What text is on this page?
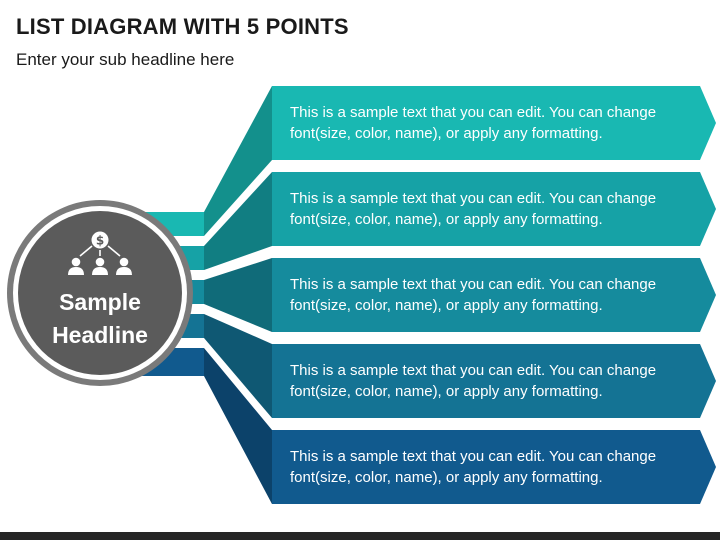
LIST DIAGRAM WITH 5 POINTS

Enter your sub headline here

$
Sample
Headline
This is a sample text that you can edit. You can change font(size, color, name), or apply any formatting.
This is a sample text that you can edit. You can change font(size, color, name), or apply any formatting.
This is a sample text that you can edit. You can change font(size, color, name), or apply any formatting.
This is a sample text that you can edit. You can change font(size, color, name), or apply any formatting.
This is a sample text that you can edit. You can change font(size, color, name), or apply any formatting.
